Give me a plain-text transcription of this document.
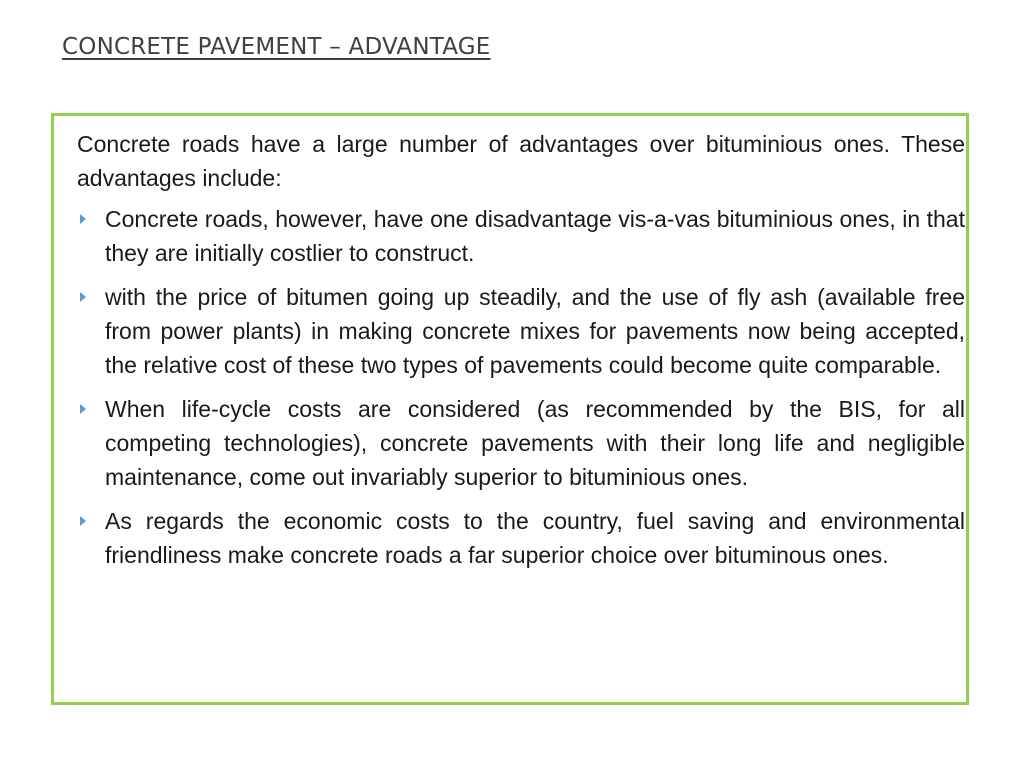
CONCRETE PAVEMENT – ADVANTAGE

Concrete roads have a large number of advantages over bituminious ones. These advantages include:

Concrete roads, however, have one disadvantage vis-a-vas bituminious ones, in that they are initially costlier to construct.
with the price of bitumen going up steadily, and the use of fly ash (available free from power plants) in making concrete mixes for pavements now being accepted, the relative cost of these two types of pavements could become quite comparable.
When life-cycle costs are considered (as recommended by the BIS, for all competing technologies), concrete pavements with their long life and negligible maintenance, come out invariably superior to bituminious ones.
As regards the economic costs to the country, fuel saving and environmental friendliness make concrete roads a far superior choice over bituminous ones.
